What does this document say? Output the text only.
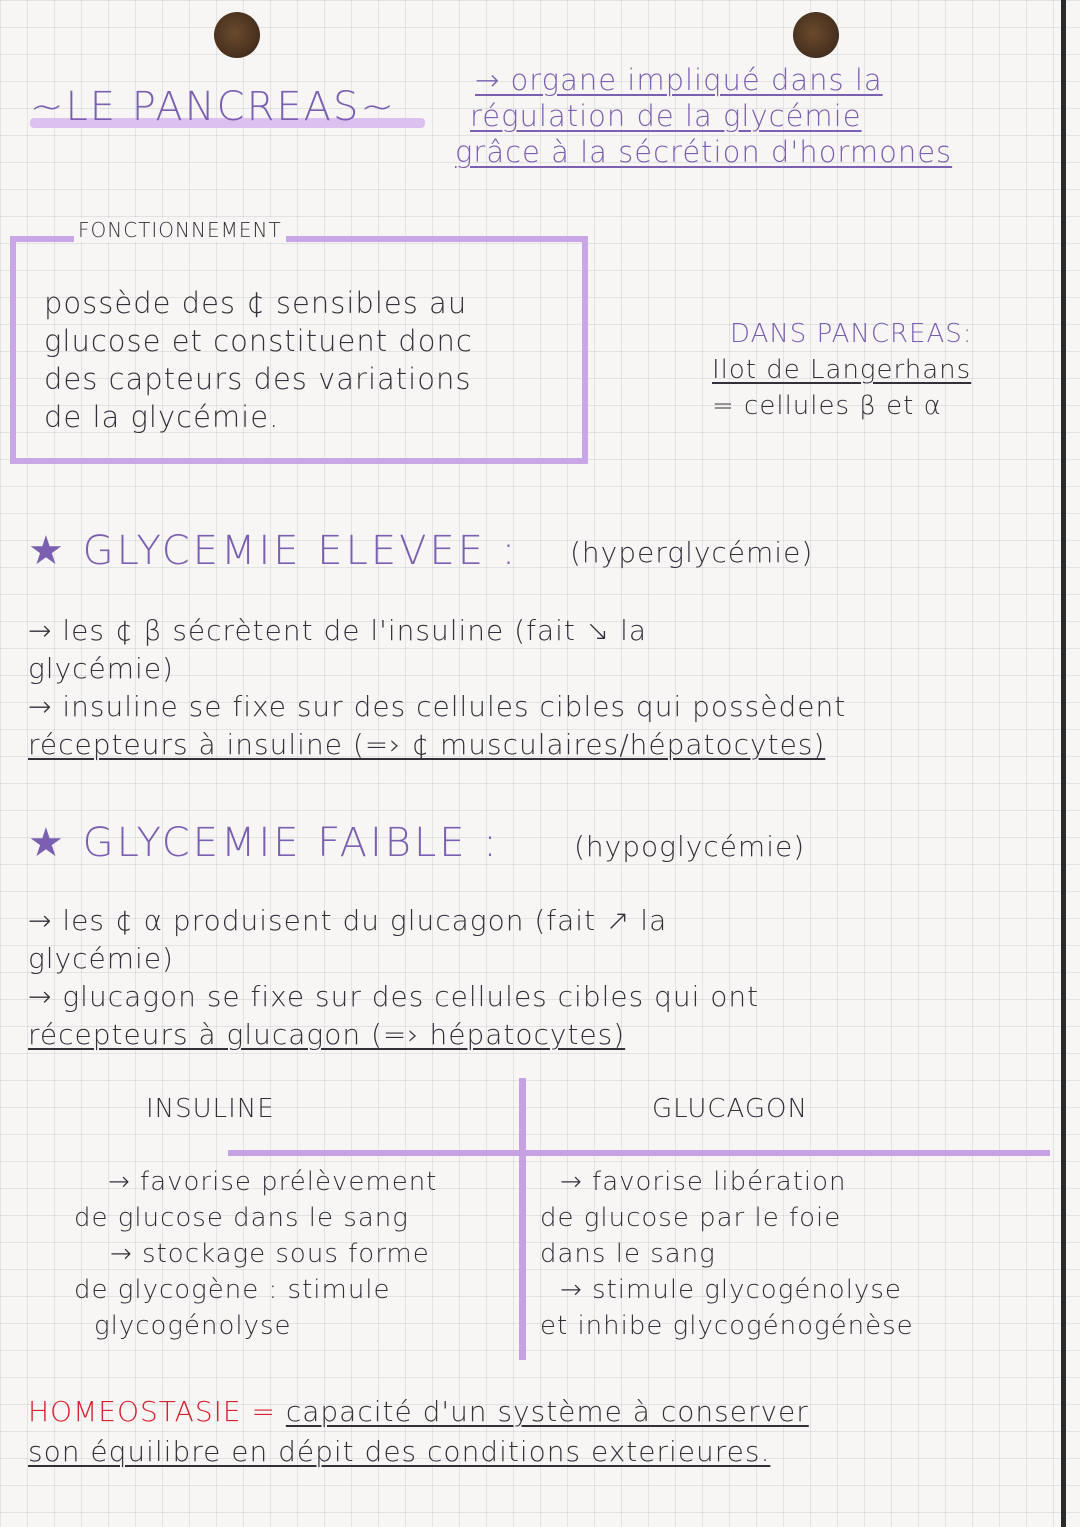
~LE PANCREAS~
→ organe impliqué dans la
régulation de la glycémie
grâce à la sécrétion d'hormones
FONCTIONNEMENT
possède des ¢ sensibles au
glucose et constituent donc
des capteurs des variations
de la glycémie.
DANS PANCREAS:
Ilot de Langerhans
= cellules β et α
★ GLYCEMIE ELEVEE : (hyperglycémie)
→ les ¢ β sécrètent de l'insuline (fait ↘ la
glycémie)
→ insuline se fixe sur des cellules cibles qui possèdent
récepteurs à insuline (=› ¢ musculaires/hépatocytes)
★ GLYCEMIE FAIBLE :	(hypoglycémie)
→ les ¢ α produisent du glucagon (fait ↗ la
glycémie)
→ glucagon se fixe sur des cellules cibles qui ont
récepteurs à glucagon (=› hépatocytes)
INSULINE	GLUCAGON
→ favorise prélèvement
de glucose dans le sang
→ stockage sous forme
de glycogène : stimule
glycogénolyse
→ favorise libération
de glucose par le foie
dans le sang
→ stimule glycogénolyse
et inhibe glycogénogénèse
HOMEOSTASIE = capacité d'un système à conserver
son équilibre en dépit des conditions exterieures.
